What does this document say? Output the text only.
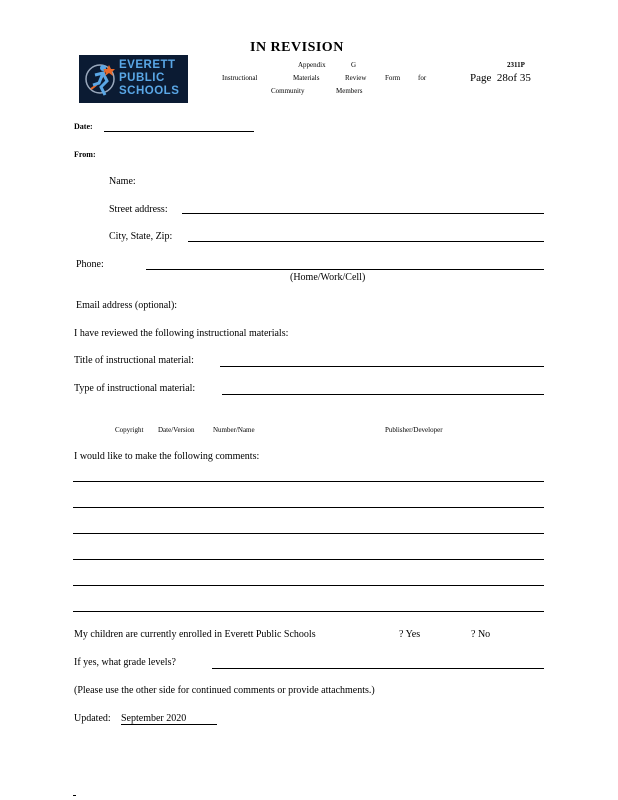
IN REVISION
Appendix	G	2311P
Instructional	Materials	Review	Form	for	Page 28of 35
Community	Members
EVERETT
PUBLIC
SCHOOLS
Date:
From:
Name:
Street address:
City, State, Zip:
Phone:
(Home/Work/Cell)
Email address (optional):
I have reviewed the following instructional materials:
Title of instructional material:
Type of instructional material:
Copyright Date/Version	Number/Name	Publisher/Developer
I would like to make the following comments:
My children are currently enrolled in Everett Public Schools	? Yes	? No
If yes, what grade levels?
(Please use the other side for continued comments or provide attachments.)
Updated: September 2020
